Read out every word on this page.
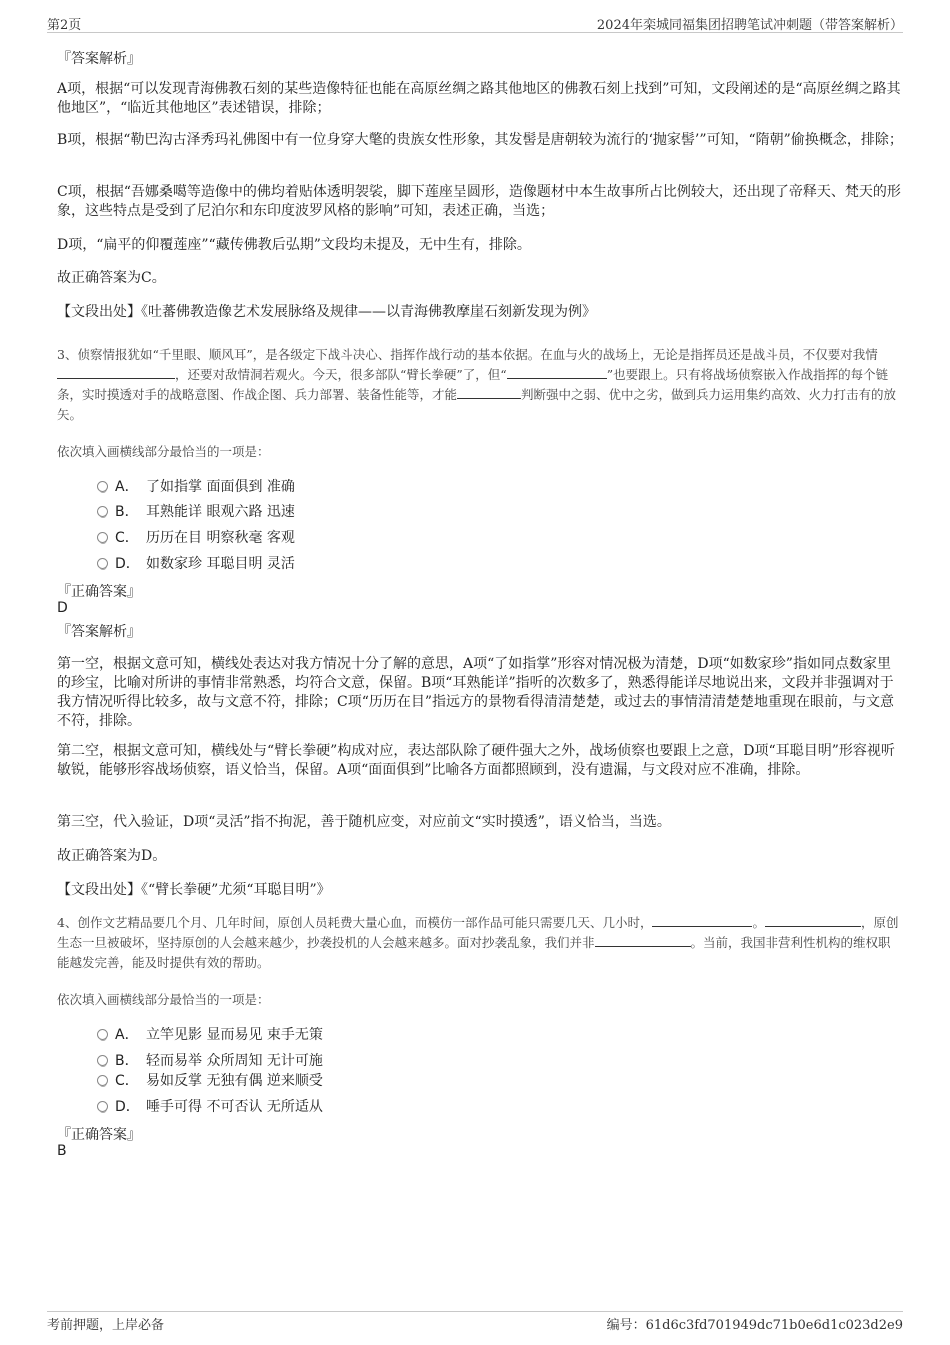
第2页	2024年栾城同福集团招聘笔试冲刺题（带答案解析）
『答案解析』
A项，根据“可以发现青海佛教石刻的某些造像特征也能在高原丝绸之路其他地区的佛教石刻上找到”可知，文段阐述的是“高原丝绸之路其他地区”，“临近其他地区”表述错误，排除；
B项，根据“勒巴沟古泽秀玛礼佛图中有一位身穿大氅的贵族女性形象，其发髻是唐朝较为流行的‘抛家髻’”可知，“隋朝”偷换概念，排除；
C项，根据“吾娜桑噶等造像中的佛均着贴体透明袈裟，脚下莲座呈圆形，造像题材中本生故事所占比例较大，还出现了帝释天、梵天的形象，这些特点是受到了尼泊尔和东印度波罗风格的影响”可知，表述正确，当选；
D项，“扁平的仰覆莲座”“藏传佛教后弘期”文段均未提及，无中生有，排除。
故正确答案为C。
【文段出处】《吐蕃佛教造像艺术发展脉络及规律——以青海佛教摩崖石刻新发现为例》
3、侦察情报犹如“千里眼、顺风耳”，是各级定下战斗决心、指挥作战行动的基本依据。在血与火的战场上，无论是指挥员还是战斗员，不仅要对我情，还要对敌情洞若观火。今天，很多部队“臂长拳硬”了，但“	”也要跟上。只有将战场侦察嵌入作战指挥的每个链条，实时摸透对手的战略意图、作战企图、兵力部署、装备性能等，才能	判断强中之弱、优中之劣，做到兵力运用集约高效、火力打击有的放矢。
依次填入画横线部分最恰当的一项是：
A． 了如指掌 面面俱到 准确
B． 耳熟能详 眼观六路 迅速
C． 历历在目 明察秋毫 客观
D． 如数家珍 耳聪目明 灵活
『正确答案』
D
『答案解析』
第一空，根据文意可知，横线处表达对我方情况十分了解的意思，A项“了如指掌”形容对情况极为清楚，D项“如数家珍”指如同点数家里的珍宝，比喻对所讲的事情非常熟悉，均符合文意，保留。B项“耳熟能详”指听的次数多了，熟悉得能详尽地说出来，文段并非强调对于我方情况听得比较多，故与文意不符，排除；C项“历历在目”指远方的景物看得清清楚楚，或过去的事情清清楚楚地重现在眼前，与文意不符，排除。
第二空，根据文意可知，横线处与“臂长拳硬”构成对应，表达部队除了硬件强大之外，战场侦察也要跟上之意，D项“耳聪目明”形容视听敏锐，能够形容战场侦察，语义恰当，保留。A项“面面俱到”比喻各方面都照顾到，没有遗漏，与文段对应不准确，排除。
第三空，代入验证，D项“灵活”指不拘泥，善于随机应变，对应前文“实时摸透”，语义恰当，当选。
故正确答案为D。
【文段出处】《“臂长拳硬”尤须“耳聪目明”》
4、创作文艺精品要几个月、几年时间，原创人员耗费大量心血，而模仿一部作品可能只需要几天、几小时，	。	，原创生态一旦被破坏，坚持原创的人会越来越少，抄袭投机的人会越来越多。面对抄袭乱象，我们并非	。当前，我国非营利性机构的维权职能越发完善，能及时提供有效的帮助。
依次填入画横线部分最恰当的一项是：
A． 立竿见影 显而易见 束手无策
B． 轻而易举 众所周知 无计可施
C． 易如反掌 无独有偶 逆来顺受
D． 唾手可得 不可否认 无所适从
『正确答案』
B
考前押题，上岸必备	编号：61d6c3fd701949dc71b0e6d1c023d2e9
